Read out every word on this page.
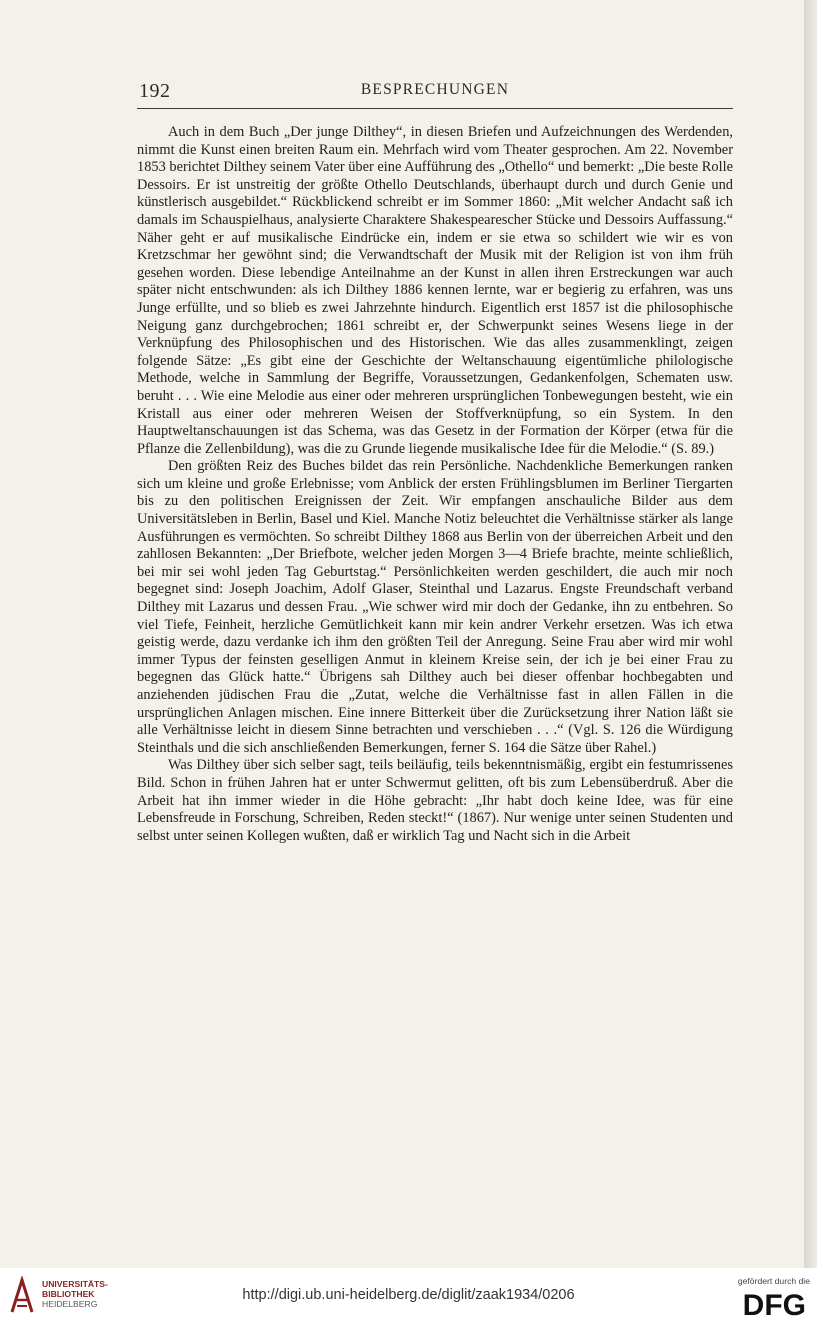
192	BESPRECHUNGEN

Auch in dem Buch „Der junge Dilthey“, in diesen Briefen und Aufzeichnungen des Werdenden, nimmt die Kunst einen breiten Raum ein. Mehrfach wird vom Theater gesprochen. Am 22. November 1853 berichtet Dilthey seinem Vater über eine Aufführung des „Othello“ und bemerkt: „Die beste Rolle Dessoirs. Er ist unstreitig der größte Othello Deutschlands, überhaupt durch und durch Genie und künstlerisch ausgebildet.“ Rückblickend schreibt er im Sommer 1860: „Mit welcher Andacht saß ich damals im Schauspielhaus, analysierte Charaktere Shakespearescher Stücke und Dessoirs Auffassung.“ Näher geht er auf musikalische Eindrücke ein, indem er sie etwa so schildert wie wir es von Kretzschmar her gewöhnt sind; die Verwandtschaft der Musik mit der Religion ist von ihm früh gesehen worden. Diese lebendige Anteilnahme an der Kunst in allen ihren Erstreckungen war auch später nicht entschwunden: als ich Dilthey 1886 kennen lernte, war er begierig zu erfahren, was uns Junge erfüllte, und so blieb es zwei Jahrzehnte hindurch. Eigentlich erst 1857 ist die philosophische Neigung ganz durchgebrochen; 1861 schreibt er, der Schwerpunkt seines Wesens liege in der Verknüpfung des Philosophischen und des Historischen. Wie das alles zusammenklingt, zeigen folgende Sätze: „Es gibt eine der Geschichte der Weltanschauung eigentümliche philologische Methode, welche in Sammlung der Begriffe, Voraussetzungen, Gedankenfolgen, Schematen usw. beruht . . . Wie eine Melodie aus einer oder mehreren ursprünglichen Tonbewegungen besteht, wie ein Kristall aus einer oder mehreren Weisen der Stoffverknüpfung, so ein System. In den Hauptweltanschauungen ist das Schema, was das Gesetz in der Formation der Körper (etwa für die Pflanze die Zellenbildung), was die zu Grunde liegende musikalische Idee für die Melodie.“ (S. 89.)

Den größten Reiz des Buches bildet das rein Persönliche. Nachdenkliche Bemerkungen ranken sich um kleine und große Erlebnisse; vom Anblick der ersten Frühlingsblumen im Berliner Tiergarten bis zu den politischen Ereignissen der Zeit. Wir empfangen anschauliche Bilder aus dem Universitätsleben in Berlin, Basel und Kiel. Manche Notiz beleuchtet die Verhältnisse stärker als lange Ausführungen es vermöchten. So schreibt Dilthey 1868 aus Berlin von der überreichen Arbeit und den zahllosen Bekannten: „Der Briefbote, welcher jeden Morgen 3—4 Briefe brachte, meinte schließlich, bei mir sei wohl jeden Tag Geburtstag.“ Persönlichkeiten werden geschildert, die auch mir noch begegnet sind: Joseph Joachim, Adolf Glaser, Steinthal und Lazarus. Engste Freundschaft verband Dilthey mit Lazarus und dessen Frau. „Wie schwer wird mir doch der Gedanke, ihn zu entbehren. So viel Tiefe, Feinheit, herzliche Gemütlichkeit kann mir kein andrer Verkehr ersetzen. Was ich etwa geistig werde, dazu verdanke ich ihm den größten Teil der Anregung. Seine Frau aber wird mir wohl immer Typus der feinsten geselligen Anmut in kleinem Kreise sein, der ich je bei einer Frau zu begegnen das Glück hatte.“ Übrigens sah Dilthey auch bei dieser offenbar hochbegabten und anziehenden jüdischen Frau die „Zutat, welche die Verhältnisse fast in allen Fällen in die ursprünglichen Anlagen mischen. Eine innere Bitterkeit über die Zurücksetzung ihrer Nation läßt sie alle Verhältnisse leicht in diesem Sinne betrachten und verschieben . . .“ (Vgl. S. 126 die Würdigung Steinthals und die sich anschließenden Bemerkungen, ferner S. 164 die Sätze über Rahel.)

Was Dilthey über sich selber sagt, teils beiläufig, teils bekenntnismäßig, ergibt ein festumrissenes Bild. Schon in frühen Jahren hat er unter Schwermut gelitten, oft bis zum Lebensüberdruß. Aber die Arbeit hat ihn immer wieder in die Höhe gebracht: „Ihr habt doch keine Idee, was für eine Lebensfreude in Forschung, Schreiben, Reden steckt!“ (1867). Nur wenige unter seinen Studenten und selbst unter seinen Kollegen wußten, daß er wirklich Tag und Nacht sich in die Arbeit

UNIVERSITÄTS-
BIBLIOTHEK
HEIDELBERG
http://digi.ub.uni-heidelberg.de/diglit/zaak1934/0206
gefördert durch die
DFG
